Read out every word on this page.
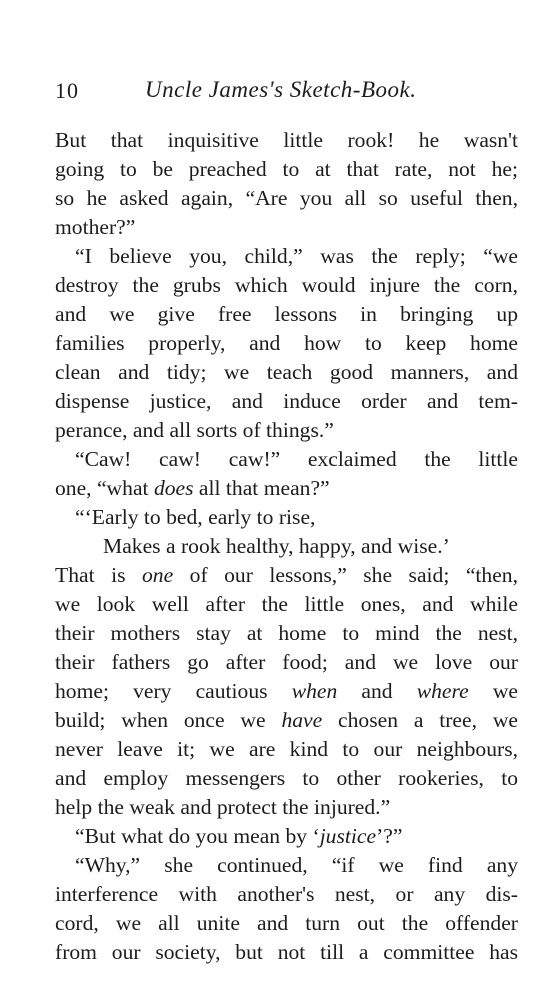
10	Uncle James's Sketch-Book.
But that inquisitive little rook! he wasn't
going to be preached to at that rate, not he;
so he asked again, “Are you all so useful then,
mother?”
“I believe you, child,” was the reply; “we
destroy the grubs which would injure the corn,
and we give free lessons in bringing up
families properly, and how to keep home
clean and tidy; we teach good manners, and
dispense justice, and induce order and tem-
perance, and all sorts of things.”
“Caw! caw! caw!” exclaimed the little
one, “what does all that mean?”
“‘Early to bed, early to rise,
Makes a rook healthy, happy, and wise.’
That is one of our lessons,” she said; “then,
we look well after the little ones, and while
their mothers stay at home to mind the nest,
their fathers go after food; and we love our
home; very cautious when and where we
build; when once we have chosen a tree, we
never leave it; we are kind to our neighbours,
and employ messengers to other rookeries, to
help the weak and protect the injured.”
“But what do you mean by ‘justice’?”
“Why,” she continued, “if we find any
interference with another's nest, or any dis-
cord, we all unite and turn out the offender
from our society, but not till a committee has
